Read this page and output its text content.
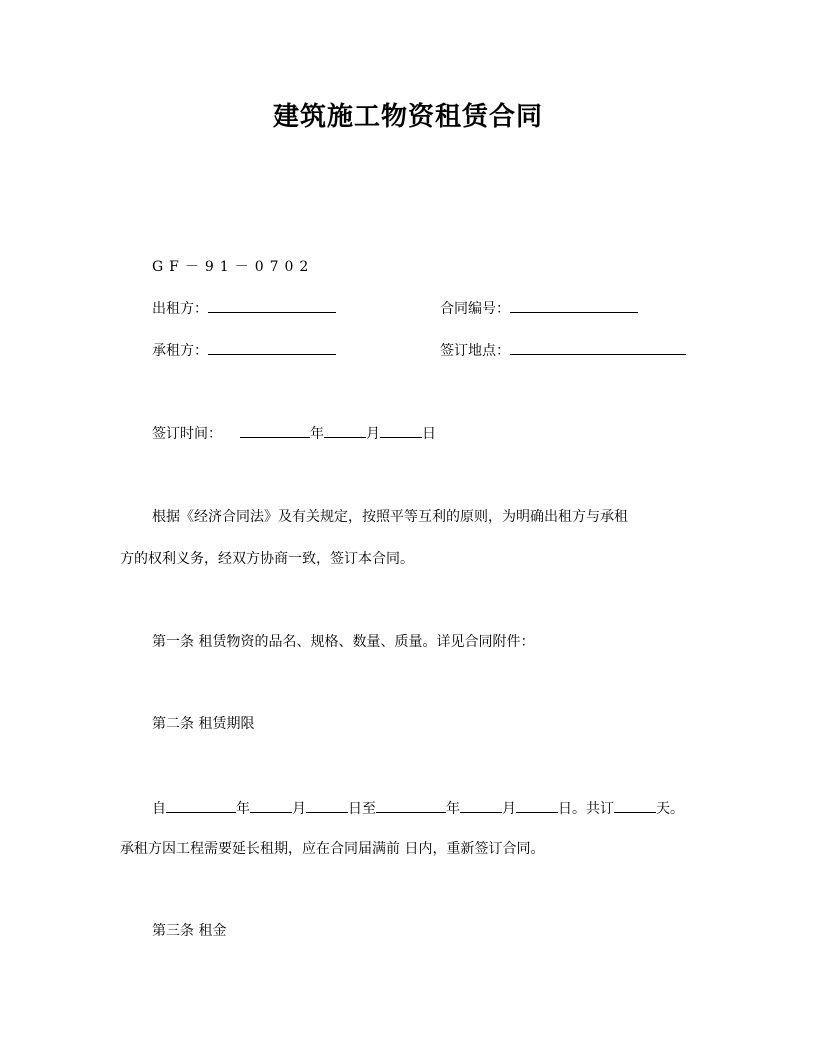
建筑施工物资租赁合同
GF－91－0702
出租方：	合同编号：
承租方：	签订地点：
签订时间：	年	月	日
根据《经济合同法》及有关规定，按照平等互利的原则，为明确出租方与承租
方的权利义务，经双方协商一致，签订本合同。
第一条 租赁物资的品名、规格、数量、质量。详见合同附件：
第二条 租赁期限
自	年	月	日至	年	月	日。共订	天。
承租方因工程需要延长租期，应在合同届满前 日内，重新签订合同。
第三条 租金
